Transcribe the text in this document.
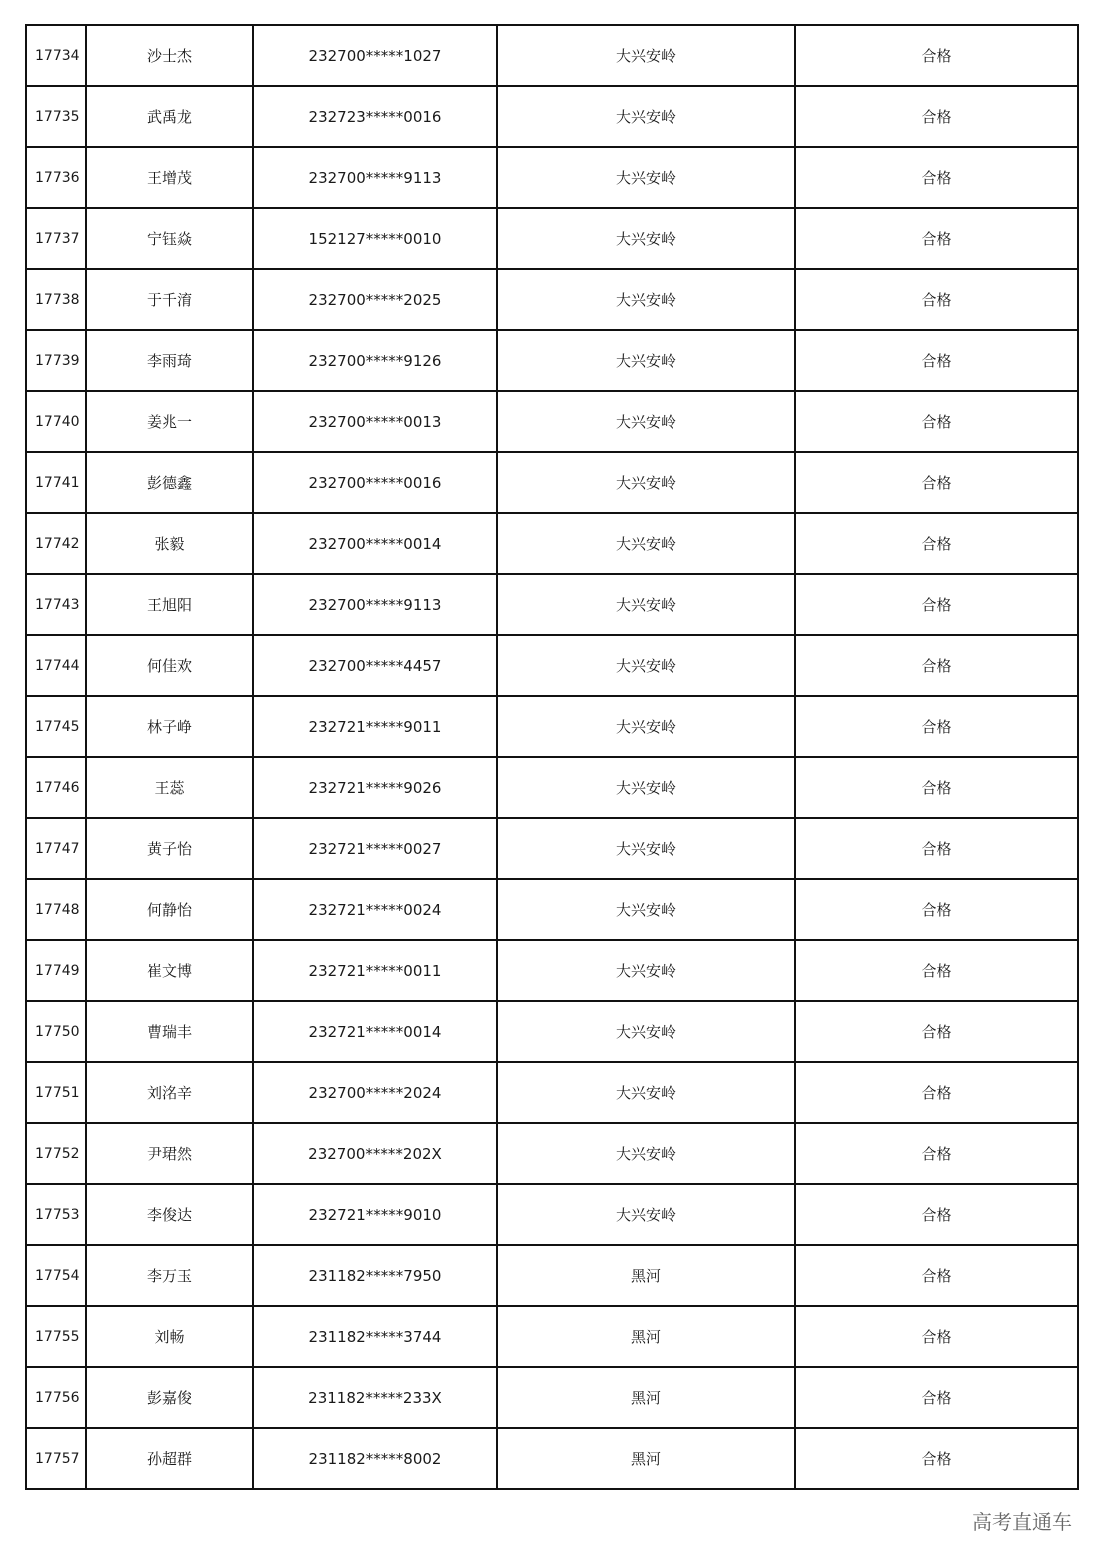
17734	沙士杰	232700*****1027	大兴安岭	合格
17735	武禹龙	232723*****0016	大兴安岭	合格
17736	王增茂	232700*****9113	大兴安岭	合格
17737	宁钰焱	152127*****0010	大兴安岭	合格
17738	于千淯	232700*****2025	大兴安岭	合格
17739	李雨琦	232700*****9126	大兴安岭	合格
17740	姜兆一	232700*****0013	大兴安岭	合格
17741	彭德鑫	232700*****0016	大兴安岭	合格
17742	张毅	232700*****0014	大兴安岭	合格
17743	王旭阳	232700*****9113	大兴安岭	合格
17744	何佳欢	232700*****4457	大兴安岭	合格
17745	林子峥	232721*****9011	大兴安岭	合格
17746	王蕊	232721*****9026	大兴安岭	合格
17747	黄子怡	232721*****0027	大兴安岭	合格
17748	何静怡	232721*****0024	大兴安岭	合格
17749	崔文博	232721*****0011	大兴安岭	合格
17750	曹瑞丰	232721*****0014	大兴安岭	合格
17751	刘洺辛	232700*****2024	大兴安岭	合格
17752	尹珺然	232700*****202X	大兴安岭	合格
17753	李俊达	232721*****9010	大兴安岭	合格
17754	李万玉	231182*****7950	黑河	合格
17755	刘畅	231182*****3744	黑河	合格
17756	彭嘉俊	231182*****233X	黑河	合格
17757	孙超群	231182*****8002	黑河	合格
高考直通车
